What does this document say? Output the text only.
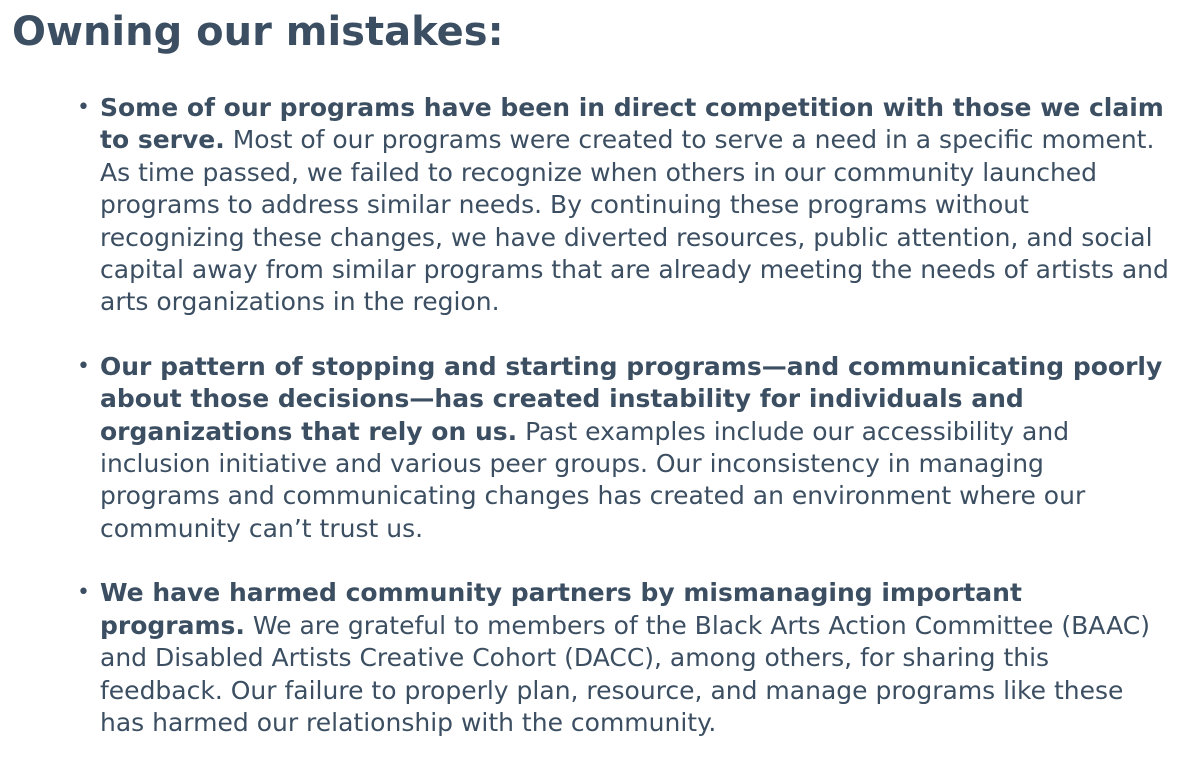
Owning our mistakes:
• Some of our programs have been in direct competition with those we claim to serve. Most of our programs were created to serve a need in a specific moment. As time passed, we failed to recognize when others in our community launched programs to address similar needs. By continuing these programs without recognizing these changes, we have diverted resources, public attention, and social capital away from similar programs that are already meeting the needs of artists and arts organizations in the region.
• Our pattern of stopping and starting programs—and communicating poorly about those decisions—has created instability for individuals and organizations that rely on us. Past examples include our accessibility and inclusion initiative and various peer groups. Our inconsistency in managing programs and communicating changes has created an environment where our community can’t trust us.
• We have harmed community partners by mismanaging important programs. We are grateful to members of the Black Arts Action Committee (BAAC) and Disabled Artists Creative Cohort (DACC), among others, for sharing this feedback. Our failure to properly plan, resource, and manage programs like these has harmed our relationship with the community.
